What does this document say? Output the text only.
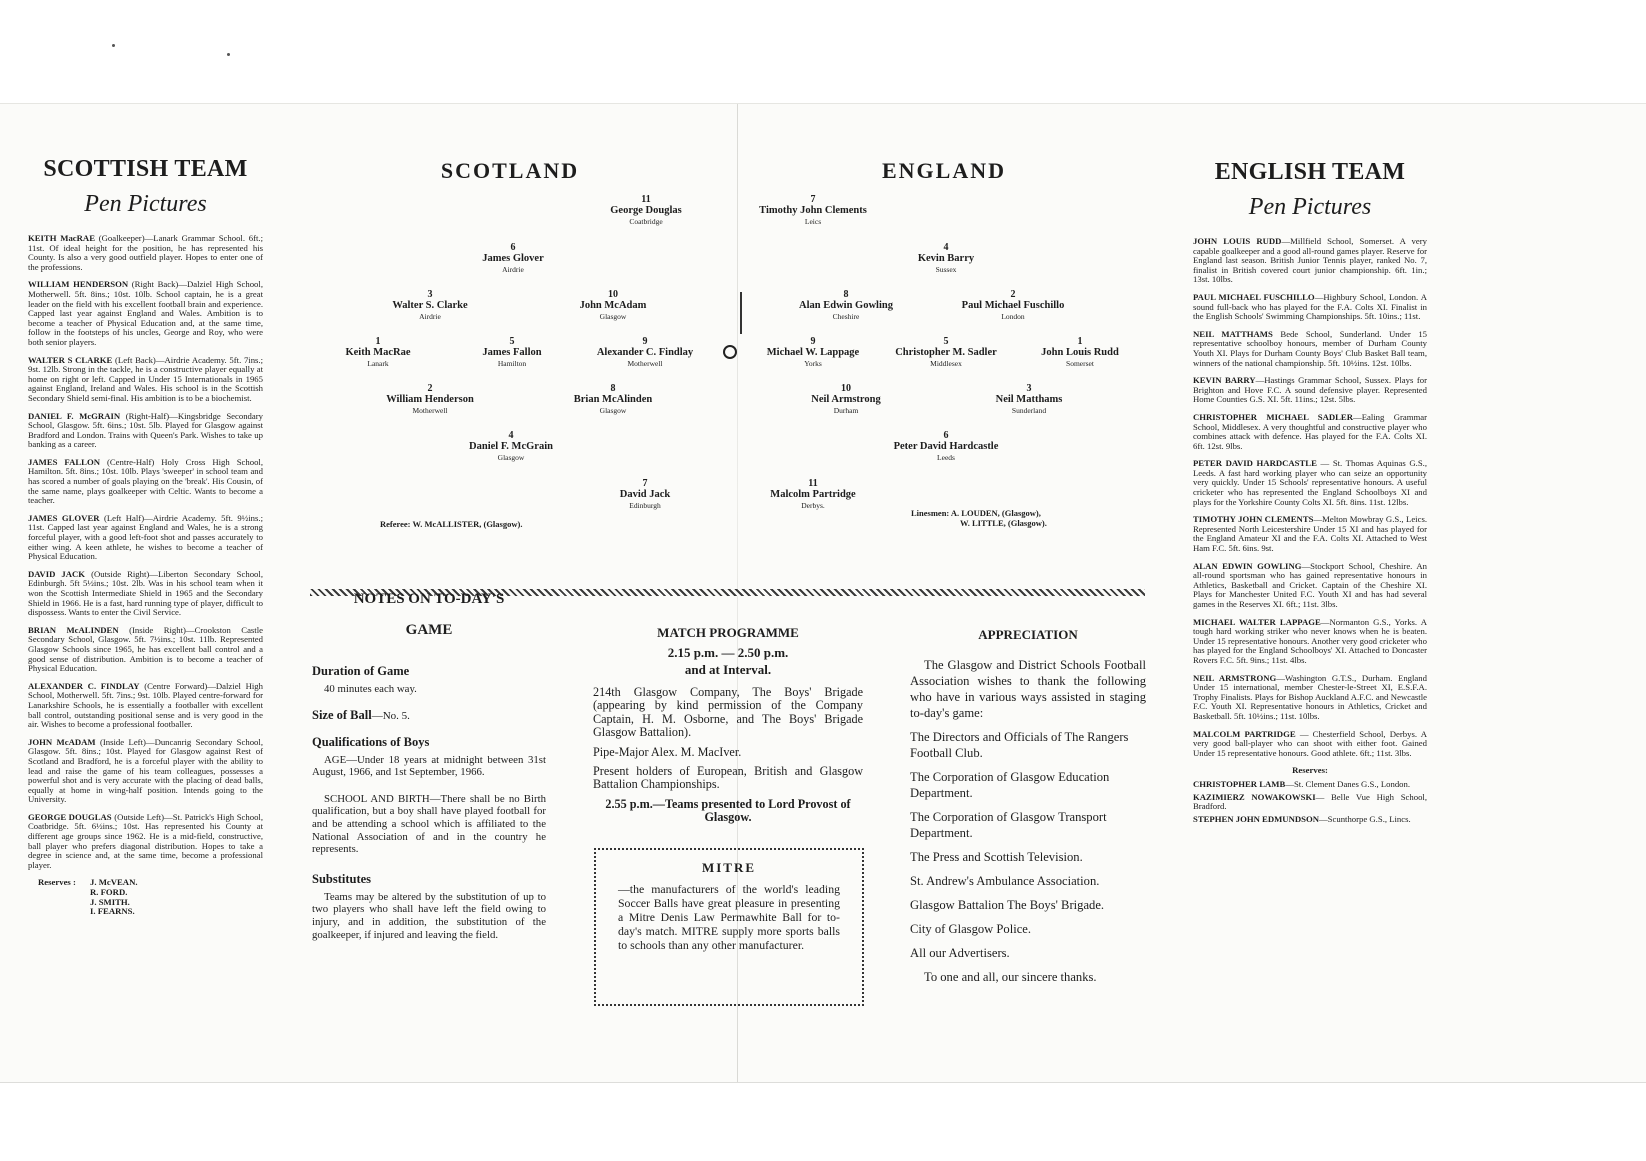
SCOTTISH TEAM
Pen Pictures

KEITH MacRAE (Goalkeeper)—Lanark Grammar School. 6ft.; 11st. Of ideal height for the position, he has represented his County. Is also a very good outfield player. Hopes to enter one of the professions.

WILLIAM HENDERSON (Right Back)—Dalziel High School, Motherwell. 5ft. 8ins.; 10st. 10lb. School captain, he is a great leader on the field with his excellent football brain and experience. Capped last year against England and Wales. Ambition is to become a teacher of Physical Education and, at the same time, follow in the footsteps of his uncles, George and Roy, who were both senior players.

WALTER S CLARKE (Left Back)—Airdrie Academy. 5ft. 7ins.; 9st. 12lb. Strong in the tackle, he is a constructive player equally at home on right or left. Capped in Under 15 Internationals in 1965 against England, Ireland and Wales. His school is in the Scottish Secondary Shield semi-final. His ambition is to be a biochemist.

DANIEL F. McGRAIN (Right-Half)—Kingsbridge Secondary School, Glasgow. 5ft. 6ins.; 10st. 5lb. Played for Glasgow against Bradford and London. Trains with Queen's Park. Wishes to take up banking as a career.

JAMES FALLON (Centre-Half) Holy Cross High School, Hamilton. 5ft. 8ins.; 10st. 10lb. Plays 'sweeper' in school team and has scored a number of goals playing on the 'break'. His Cousin, of the same name, plays goalkeeper with Celtic. Wants to become a teacher.

JAMES GLOVER (Left Half)—Airdrie Academy. 5ft. 9½ins.; 11st. Capped last year against England and Wales, he is a strong forceful player, with a good left-foot shot and passes accurately to either wing. A keen athlete, he wishes to become a teacher of Physical Education.

DAVID JACK (Outside Right)—Liberton Secondary School, Edinburgh. 5ft 5½ins.; 10st. 2lb. Was in his school team when it won the Scottish Intermediate Shield in 1965 and the Secondary Shield in 1966. He is a fast, hard running type of player, difficult to dispossess. Wants to enter the Civil Service.

BRIAN McALINDEN (Inside Right)—Crookston Castle Secondary School, Glasgow. 5ft. 7½ins.; 10st. 11lb. Represented Glasgow Schools since 1965, he has excellent ball control and a good sense of distribution. Ambition is to become a teacher of Physical Education.

ALEXANDER C. FINDLAY (Centre Forward)—Dalziel High School, Motherwell. 5ft. 7ins.; 9st. 10lb. Played centre-forward for Lanarkshire Schools, he is essentially a footballer with excellent ball control, outstanding positional sense and is very good in the air. Wishes to become a professional footballer.

JOHN McADAM (Inside Left)—Duncanrig Secondary School, Glasgow. 5ft. 8ins.; 10st. Played for Glasgow against Rest of Scotland and Bradford, he is a forceful player with the ability to lead and raise the game of his team colleagues, possesses a powerful shot and is very accurate with the placing of dead balls, equally at home in wing-half position. Intends going to the University.

GEORGE DOUGLAS (Outside Left)—St. Patrick's High School, Coatbridge. 5ft. 6½ins.; 10st. Has represented his County at different age groups since 1962. He is a mid-field, constructive, ball player who prefers diagonal distribution. Hopes to take a degree in science and, at the same time, become a professional player.

Reserves :	J. McVEAN.
R. FORD.
J. SMITH.
I. FEARNS.
SCOTLAND	ENGLAND
11
George Douglas
Coatbridge
6
James Glover
Airdrie
3
Walter S. Clarke
Airdrie
10
John McAdam
Glasgow
1
Keith MacRae
Lanark
5
James Fallon
Hamilton
9
Alexander C. Findlay
Motherwell
2
William Henderson
Motherwell
8
Brian McAlinden
Glasgow
4
Daniel F. McGrain
Glasgow
7
David Jack
Edinburgh
Referee: W. McALLISTER, (Glasgow).
7
Timothy John Clements
Leics
4
Kevin Barry
Sussex
8
Alan Edwin Gowling
Cheshire
2
Paul Michael Fuschillo
London
9
Michael W. Lappage
Yorks
5
Christopher M. Sadler
Middlesex
1
John Louis Rudd
Somerset
10
Neil Armstrong
Durham
3
Neil Matthams
Sunderland
6
Peter David Hardcastle
Leeds
11
Malcolm Partridge
Derbys.
Linesmen: A. LOUDEN, (Glasgow),
W. LITTLE, (Glasgow).
NOTES ON TO-DAY'S
GAME
Duration of Game

40 minutes each way.

Size of Ball—No. 5.
Qualifications of Boys

AGE—Under 18 years at midnight between 31st August, 1966, and 1st September, 1966.

SCHOOL AND BIRTH—There shall be no Birth qualification, but a boy shall have played football for and be attending a school which is affiliated to the National Association of and in the country he represents.

Substitutes

Teams may be altered by the substitution of up to two players who shall have left the field owing to injury, and in addition, the substitution of the goalkeeper, if injured and leaving the field.

MATCH PROGRAMME
2.15 p.m. — 2.50 p.m.
and at Interval.

214th Glasgow Company, The Boys' Brigade (appearing by kind permission of the Company Captain, H. M. Osborne, and The Boys' Brigade Glasgow Battalion).

Pipe-Major Alex. M. MacIver.

Present holders of European, British and Glasgow Battalion Championships.

2.55 p.m.—Teams presented to Lord Provost of Glasgow.

MITRE

—the manufacturers of the world's leading Soccer Balls have great pleasure in presenting a Mitre Denis Law Permawhite Ball for to-day's match. MITRE supply more sports balls to schools than any other manufacturer.

APPRECIATION

The Glasgow and District Schools Football Association wishes to thank the following who have in various ways assisted in staging to-day's game:

The Directors and Officials of The Rangers Football Club.

The Corporation of Glasgow Education Department.

The Corporation of Glasgow Transport Department.

The Press and Scottish Television.

St. Andrew's Ambulance Association.

Glasgow Battalion The Boys' Brigade.

City of Glasgow Police.

All our Advertisers.

To one and all, our sincere thanks.

ENGLISH TEAM
Pen Pictures

JOHN LOUIS RUDD—Millfield School, Somerset. A very capable goalkeeper and a good all-round games player. Reserve for England last season. British Junior Tennis player, ranked No. 7, finalist in British covered court junior championship. 6ft. 1in.; 13st. 10lbs.

PAUL MICHAEL FUSCHILLO—Highbury School, London. A sound full-back who has played for the F.A. Colts XI. Finalist in the English Schools' Swimming Championships. 5ft. 10ins.; 11st.

NEIL MATTHAMS Bede School, Sunderland. Under 15 representative schoolboy honours, member of Durham County Youth XI. Plays for Durham County Boys' Club Basket Ball team, winners of the national championship. 5ft. 10½ins. 12st. 10lbs.

KEVIN BARRY—Hastings Grammar School, Sussex. Plays for Brighton and Hove F.C. A sound defensive player. Represented Home Counties G.S. XI. 5ft. 11ins.; 12st. 5lbs.

CHRISTOPHER MICHAEL SADLER—Ealing Grammar School, Middlesex. A very thoughtful and constructive player who combines attack with defence. Has played for the F.A. Colts XI. 6ft. 12st. 9lbs.

PETER DAVID HARDCASTLE — St. Thomas Aquinas G.S., Leeds. A fast hard working player who can seize an opportunity very quickly. Under 15 Schools' representative honours. A useful cricketer who has represented the England Schoolboys XI and plays for the Yorkshire County Colts XI. 5ft. 8ins. 11st. 12lbs.

TIMOTHY JOHN CLEMENTS—Melton Mowbray G.S., Leics. Represented North Leicestershire Under 15 XI and has played for the England Amateur XI and the F.A. Colts XI. Attached to West Ham F.C. 5ft. 6ins. 9st.

ALAN EDWIN GOWLING—Stockport School, Cheshire. An all-round sportsman who has gained representative honours in Athletics, Basketball and Cricket. Captain of the Cheshire XI. Plays for Manchester United F.C. Youth XI and has had several games in the Reserves XI. 6ft.; 11st. 3lbs.

MICHAEL WALTER LAPPAGE—Normanton G.S., Yorks. A tough hard working striker who never knows when he is beaten. Under 15 representative honours. Another very good cricketer who has played for the England Schoolboys' XI. Attached to Doncaster Rovers F.C. 5ft. 9ins.; 11st. 4lbs.

NEIL ARMSTRONG—Washington G.T.S., Durham. England Under 15 international, member Chester-le-Street XI, E.S.F.A. Trophy Finalists. Plays for Bishop Auckland A.F.C. and Newcastle F.C. Youth XI. Representative honours in Athletics, Cricket and Basketball. 5ft. 10½ins.; 11st. 10lbs.

MALCOLM PARTRIDGE — Chesterfield School, Derbys. A very good ball-player who can shoot with either foot. Gained Under 15 representative honours. Good athlete. 6ft.; 11st. 3lbs.

Reserves:

CHRISTOPHER LAMB—St. Clement Danes G.S., London.

KAZIMIERZ NOWAKOWSKI— Belle Vue High School, Bradford.

STEPHEN JOHN EDMUNDSON—Scunthorpe G.S., Lincs.
